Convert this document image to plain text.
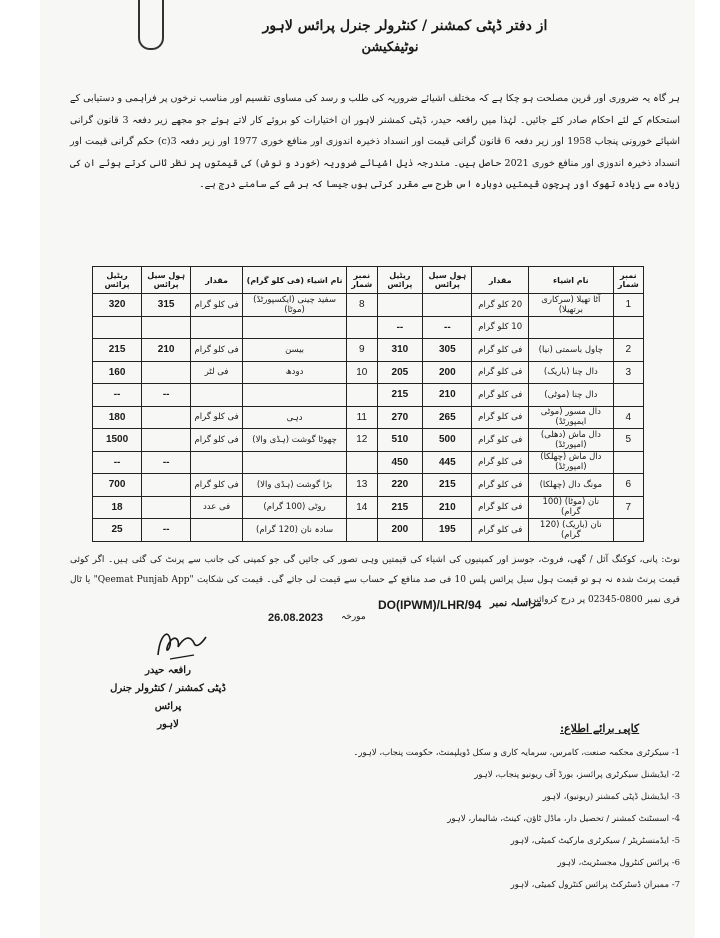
از دفتر ڈپٹی کمشنر / کنٹرولر جنرل پرائس لاہور
نوٹیفکیشن
ہر گاہ یہ ضروری اور قرین مصلحت ہو چکا ہے کہ مختلف اشیائے ضروریہ کی طلب و رسد کی مساوی تقسیم اور مناسب نرخوں پر فراہمی و دستیابی کے استحکام کے لئے احکام صادر کئے جائیں۔ لہٰذا میں رافعہ حیدر، ڈپٹی کمشنر لاہور ان اختیارات کو بروئے کار لاتے ہوئے جو مجھے زیر دفعہ 3 قانون گرانی اشیائے خورونی پنجاب 1958 اور زیر دفعہ 6 قانون گرانی قیمت اور انسداد ذخیرہ اندوزی اور منافع خوری 1977 اور زیر دفعہ 3(c) حکم گرانی قیمت اور انسداد ذخیرہ اندوزی اور منافع خوری 2021 حاصل ہیں۔ مندرجہ ذیل اشیائے ضروریہ (خورد و نوش) کی قیمتوں پر نظر ثانی کرتے ہوئے ان کی زیادہ سے زیادہ تھوک اور پرچون قیمتیں دوبارہ اس طرح سے مقرر کرتی ہوں جیسا کہ ہر شے کے سامنے درج ہے۔
نمبر شمار	نام اشیاء	مقدار	ہول سیل پرائس	ریٹیل پرائس	نمبر شمار	نام اشیاء (فی کلو گرام)	مقدار	ہول سیل پرائس	ریٹیل پرائس
1	آٹا تھیلا (سرکاری برتھیلا)	20 کلو گرام			8	سفید چینی (ایکسپورٹڈ) (موٹا)	فی کلو گرام	315	320
		10 کلو گرام	--	--					
2	چاول باسمتی (نیا)	فی کلو گرام	305	310	9	بیسن	فی کلو گرام	210	215
3	دال چنا (باریک)	فی کلو گرام	200	205	10	دودھ	فی لٹر		160
	دال چنا (موٹی)	فی کلو گرام	210	215				--	--
4	دال مسور (موٹی ایمپورٹڈ)	فی کلو گرام	265	270	11	دہی	فی کلو گرام		180
5	دال ماش (دھلی) (امپورٹڈ)	فی کلو گرام	500	510	12	چھوٹا گوشت (ہڈی والا)	فی کلو گرام		1500
	دال ماش (چھلکا) (امپورٹڈ)	فی کلو گرام	445	450				--	--
6	مونگ دال (چھلکا)	فی کلو گرام	215	220	13	بڑا گوشت (ہڈی والا)	فی کلو گرام		700
7	نان (موٹا) (100 گرام)	فی کلو گرام	210	215	14	روٹی (100 گرام)	فی عدد		18
	نان (باریک) (120 گرام)	فی کلو گرام	195	200		سادہ نان (120 گرام)		--	25
نوٹ: پانی، کوکنگ آئل / گھی، فروٹ، جوسز اور کمپنیوں کی اشیاء کی قیمتیں وہی تصور کی جائیں گی جو کمپنی کی جانب سے پرنٹ کی گئی ہیں۔ اگر کوئی قیمت پرنٹ شدہ نہ ہو تو قیمت ہول سیل پرائس پلس 10 فی صد منافع کے حساب سے قیمت لی جائے گی۔ قیمت کی شکایت "Qeemat Punjab App" یا ٹال فری نمبر 0800-02345 پر درج کروائیں۔
مراسلہ نمبر
DO(IPWM)/LHR/94
مورخہ
26.08.2023
رافعہ حیدر
ڈپٹی کمشنر / کنٹرولر جنرل پرائس
لاہور	کاپی برائے اطلاع:
1- سیکرٹری محکمہ صنعت، کامرس، سرمایہ کاری و سکل ڈویلپمنٹ، حکومت پنجاب، لاہور۔
2- ایڈیشنل سیکرٹری پرائسز، بورڈ آف ریونیو پنجاب، لاہور
3- ایڈیشنل ڈپٹی کمشنر (ریونیو)، لاہور
4- اسسٹنٹ کمشنر / تحصیل دار، ماڈل ٹاؤن، کینٹ، شالیمار، لاہور
5- ایڈمنسٹریٹر / سیکرٹری مارکیٹ کمیٹی، لاہور
6- پرائس کنٹرول مجسٹریٹ، لاہور
7- ممبران ڈسٹرکٹ پرائس کنٹرول کمیٹی، لاہور
